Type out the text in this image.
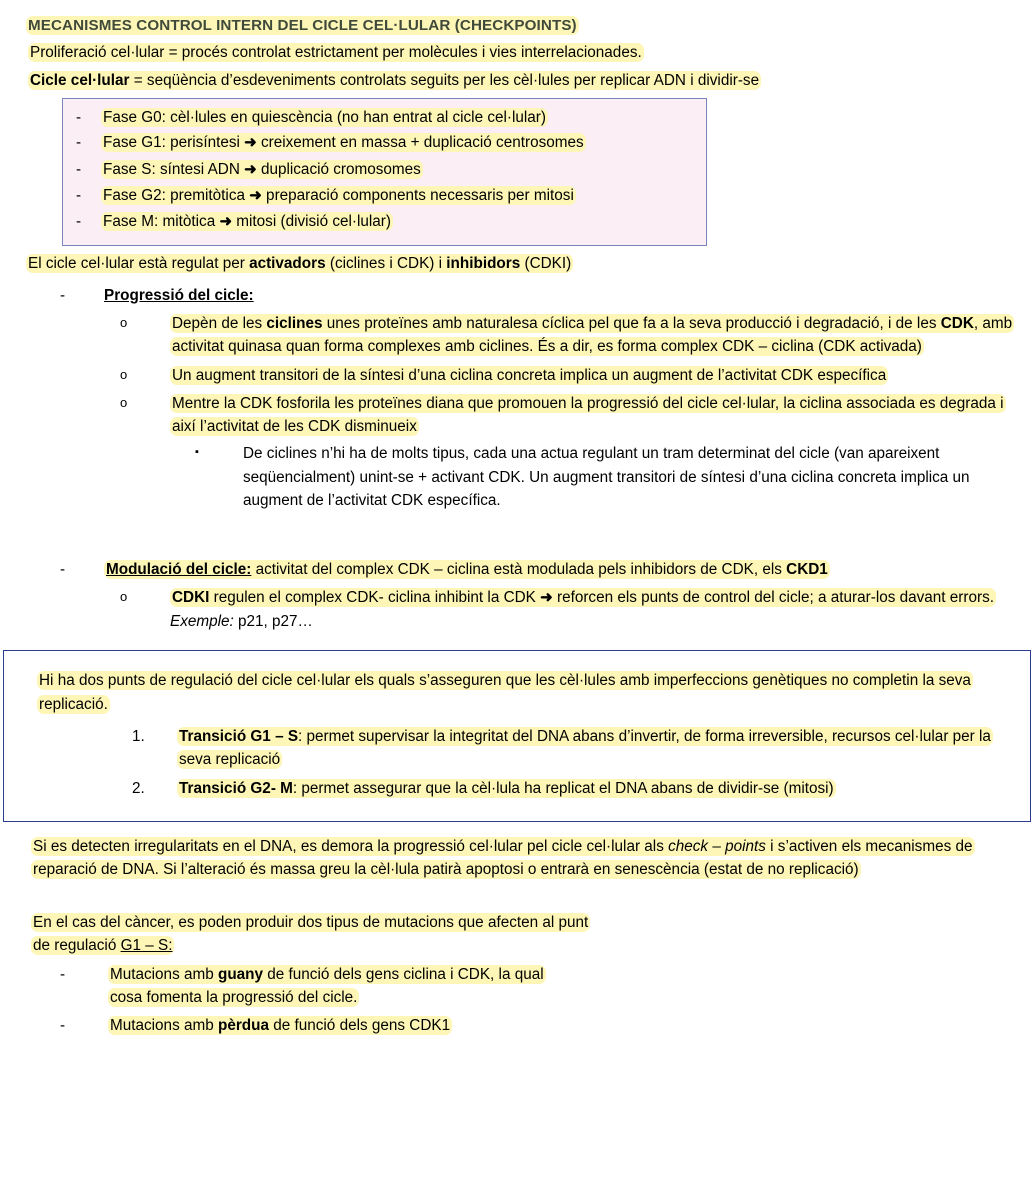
MECANISMES CONTROL INTERN DEL CICLE CEL·LULAR (CHECKPOINTS)
Proliferació cel·lular = procés controlat estrictament per molècules i vies interrelacionades.
Cicle cel·lular = seqüència d’esdeveniments controlats seguits per les cèl·lules per replicar ADN i dividir-se
-	Fase G0: cèl·lules en quiescència (no han entrat al cicle cel·lular)
-	Fase G1: perisíntesi ➜ creixement en massa + duplicació centrosomes
-	Fase S: síntesi ADN ➜ duplicació cromosomes
-	Fase G2: premitòtica ➜ preparació components necessaris per mitosi
-	Fase M: mitòtica ➜ mitosi (divisió cel·lular)
El cicle cel·lular està regulat per activadors (ciclines i CDK) i inhibidors (CDKI)
-	Progressió del cicle:
o	Depèn de les ciclines unes proteïnes amb naturalesa cíclica pel que fa a la seva producció i degradació, i de les CDK, amb activitat quinasa quan forma complexes amb ciclines. És a dir, es forma complex CDK – ciclina (CDK activada)
o	Un augment transitori de la síntesi d’una ciclina concreta implica un augment de l’activitat CDK específica
o	Mentre la CDK fosforila les proteïnes diana que promouen la progressió del cicle cel·lular, la ciclina associada es degrada i així l’activitat de les CDK disminueix
▪	De ciclines n’hi ha de molts tipus, cada una actua regulant un tram determinat del cicle (van apareixent seqüencialment) unint-se + activant CDK. Un augment transitori de síntesi d’una ciclina concreta implica un augment de l’activitat CDK específica.
-	Modulació del cicle: activitat del complex CDK – ciclina està modulada pels inhibidors de CDK, els CKD1
o	CDKI regulen el complex CDK- ciclina inhibint la CDK ➜ reforcen els punts de control del cicle; a aturar-los davant errors. Exemple: p21, p27…
Hi ha dos punts de regulació del cicle cel·lular els quals s’asseguren que les cèl·lules amb imperfeccions genètiques no completin la seva replicació.
1.	Transició G1 – S: permet supervisar la integritat del DNA abans d’invertir, de forma irreversible, recursos cel·lular per la seva replicació
2.	Transició G2- M: permet assegurar que la cèl·lula ha replicat el DNA abans de dividir-se (mitosi)
Si es detecten irregularitats en el DNA, es demora la progressió cel·lular pel cicle cel·lular als check – points i s’activen els mecanismes de reparació de DNA. Si l’alteració és massa greu la cèl·lula patirà apoptosi o entrarà en senescència (estat de no replicació)
En el cas del càncer, es poden produir dos tipus de mutacions que afecten al punt de regulació G1 – S:
-	Mutacions amb guany de funció dels gens ciclina i CDK, la qual cosa fomenta la progressió del cicle.
-	Mutacions amb pèrdua de funció dels gens CDK1
